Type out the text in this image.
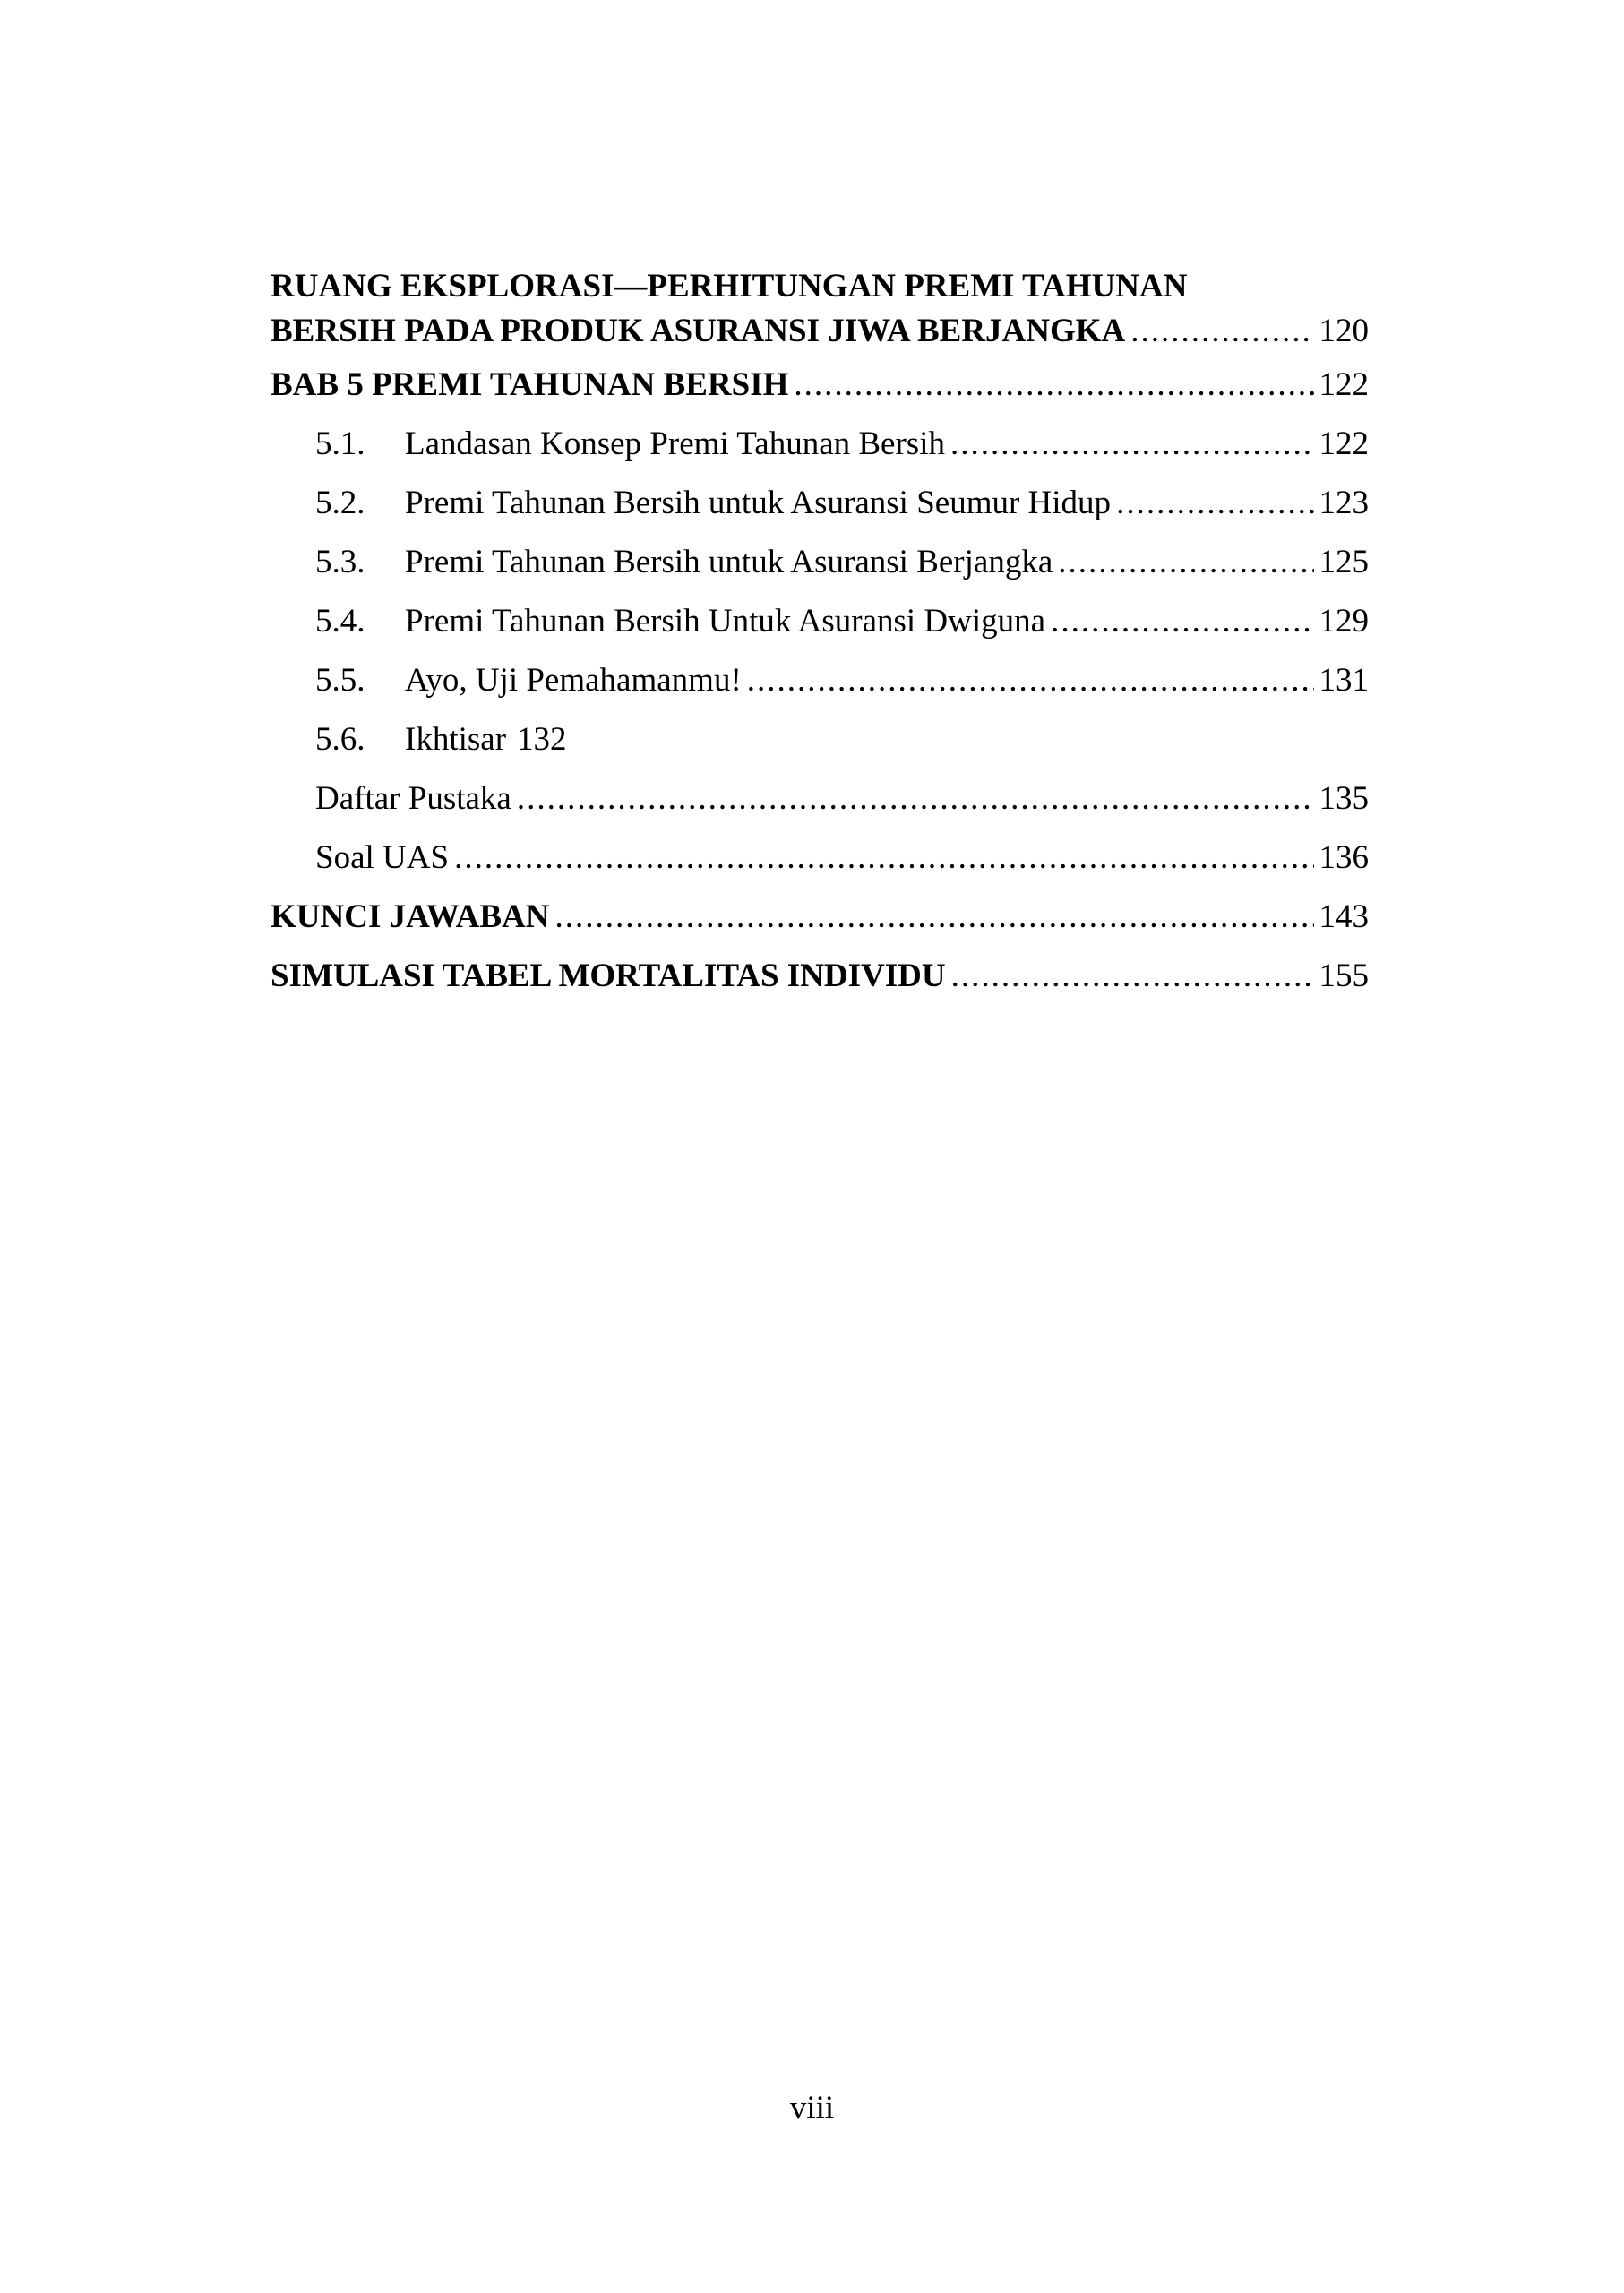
RUANG EKSPLORASI—PERHITUNGAN PREMI TAHUNAN
BERSIH PADA PRODUK ASURANSI JIWA BERJANGKA .....	120
BAB 5 PREMI TAHUNAN BERSIH .....	122
5.1.	Landasan Konsep Premi Tahunan Bersih .....	122
5.2.	Premi Tahunan Bersih untuk Asuransi Seumur Hidup .....	123
5.3.	Premi Tahunan Bersih untuk Asuransi Berjangka .....	125
5.4.	Premi Tahunan Bersih Untuk Asuransi Dwiguna .....	129
5.5.	Ayo, Uji Pemahamanmu! .....	131
5.6.	Ikhtisar 132
Daftar Pustaka .....	135
Soal UAS .....	136
KUNCI JAWABAN .....	143
SIMULASI TABEL MORTALITAS INDIVIDU .....	155
viii
